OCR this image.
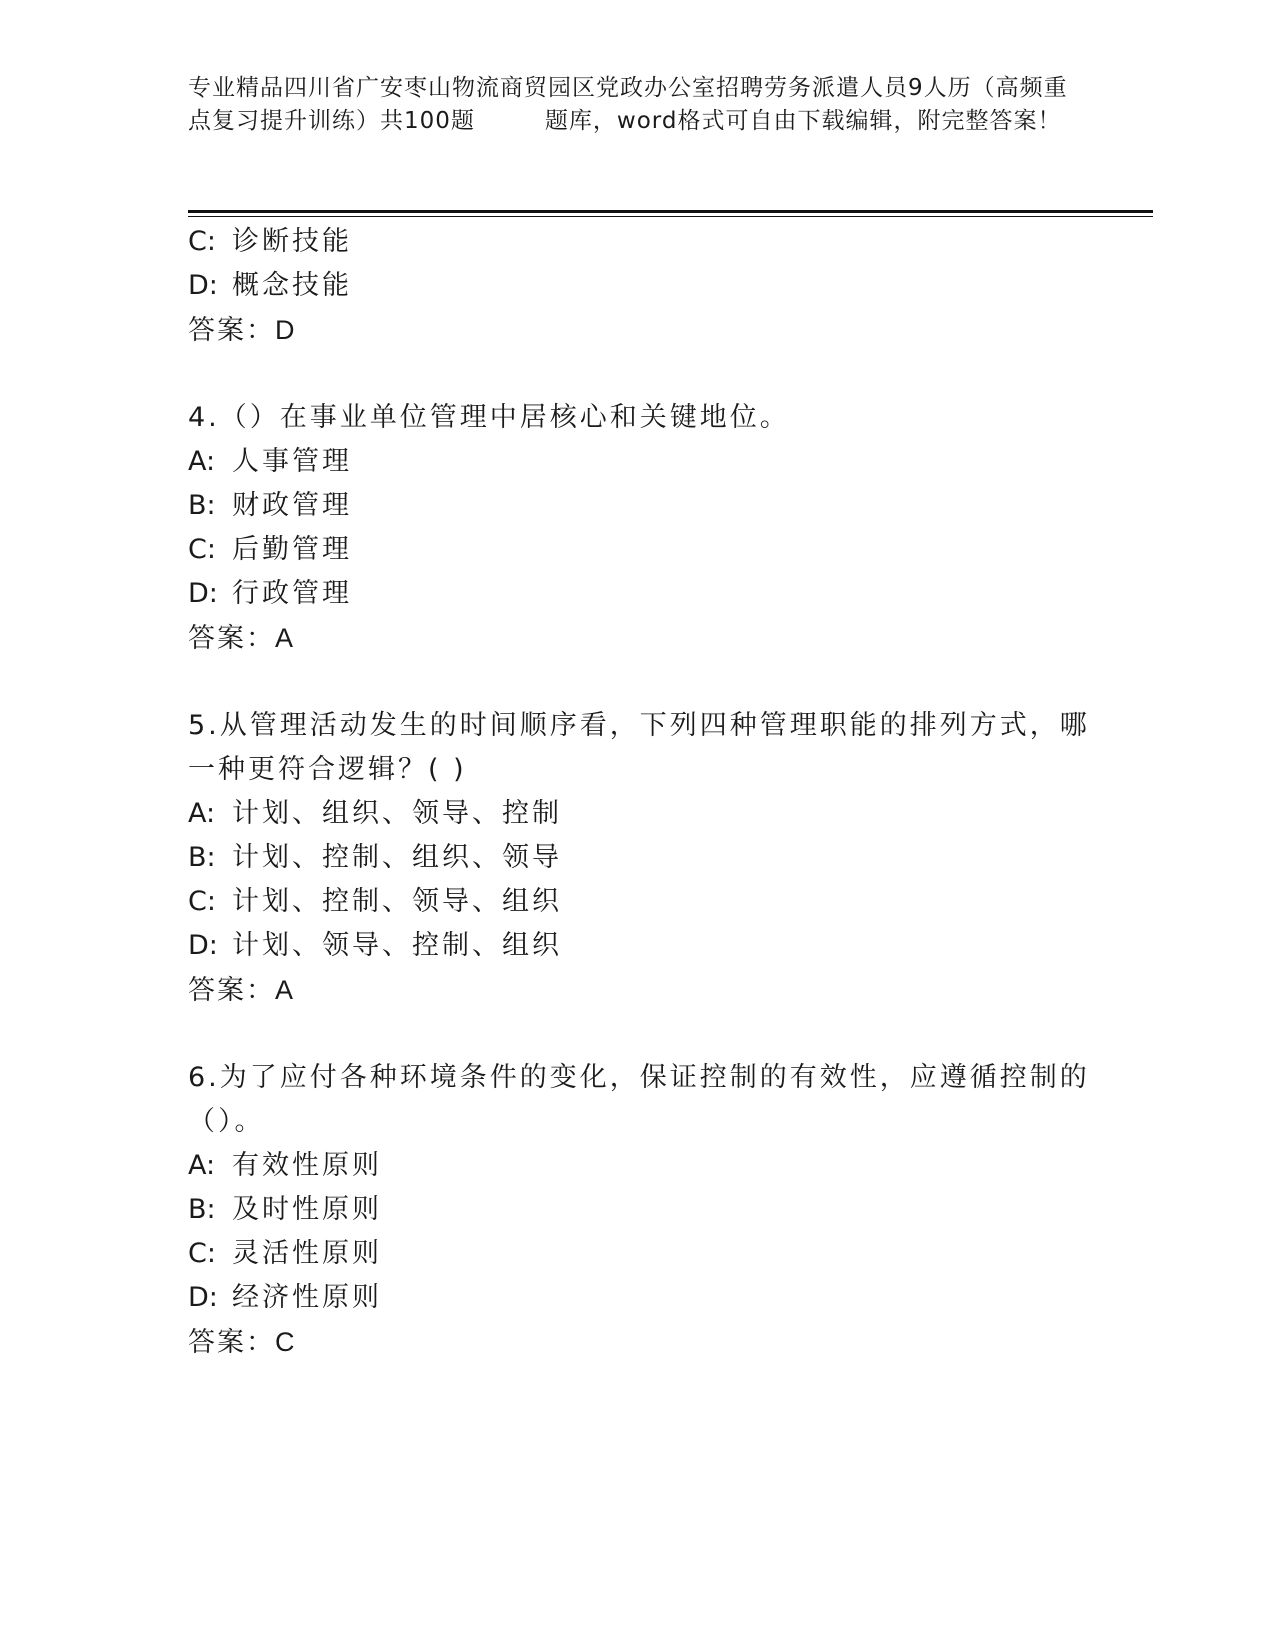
专业精品四川省广安枣山物流商贸园区党政办公室招聘劳务派遣人员9人历（高频重点复习提升训练）共100题	题库，word格式可自由下载编辑，附完整答案！
C: 诊断技能
D: 概念技能
答案：D
4.（）在事业单位管理中居核心和关键地位。
A: 人事管理
B: 财政管理
C: 后勤管理
D: 行政管理
答案：A
5.从管理活动发生的时间顺序看，下列四种管理职能的排列方式，哪
一种更符合逻辑？( )
A: 计划、组织、领导、控制
B: 计划、控制、组织、领导
C: 计划、控制、领导、组织
D: 计划、领导、控制、组织
答案：A
6.为了应付各种环境条件的变化，保证控制的有效性，应遵循控制的
（）。
A: 有效性原则
B: 及时性原则
C: 灵活性原则
D: 经济性原则
答案：C
